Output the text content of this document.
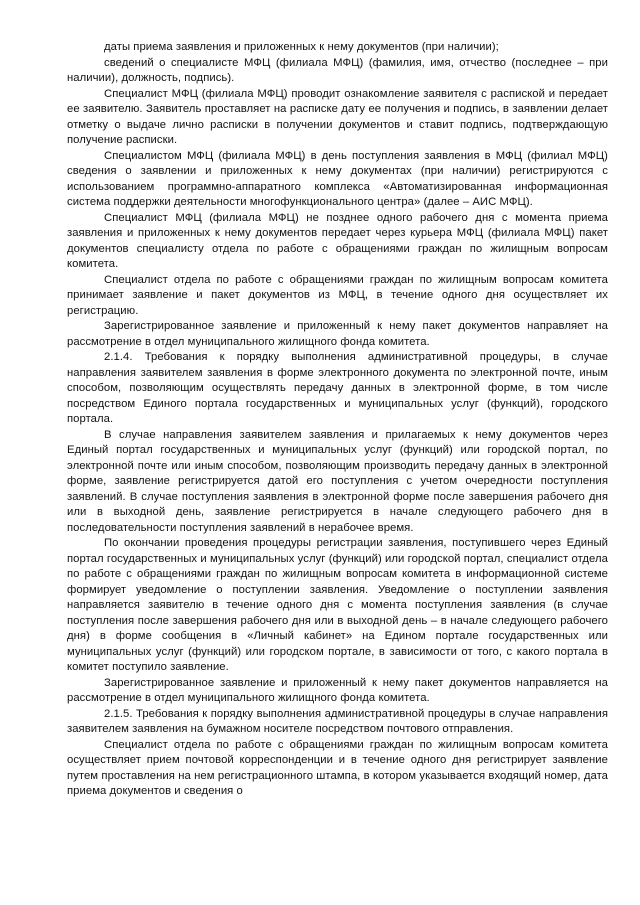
даты приема заявления и приложенных к нему документов (при наличии);

сведений о специалисте МФЦ (филиала МФЦ) (фамилия, имя, отчество (последнее – при наличии), должность, подпись).

Специалист МФЦ (филиала МФЦ) проводит ознакомление заявителя с распиской и передает ее заявителю. Заявитель проставляет на расписке дату ее получения и подпись, в заявлении делает отметку о выдаче лично расписки в получении документов и ставит подпись, подтверждающую получение расписки.

Специалистом МФЦ (филиала МФЦ) в день поступления заявления в МФЦ (филиал МФЦ) сведения о заявлении и приложенных к нему документах (при наличии) регистрируются с использованием программно-аппаратного комплекса «Автоматизированная информационная система поддержки деятельности многофункционального центра» (далее – АИС МФЦ).

Специалист МФЦ (филиала МФЦ) не позднее одного рабочего дня с момента приема заявления и приложенных к нему документов передает через курьера МФЦ (филиала МФЦ) пакет документов специалисту отдела по работе с обращениями граждан по жилищным вопросам комитета.

Специалист отдела по работе с обращениями граждан по жилищным вопросам комитета принимает заявление и пакет документов из МФЦ, в течение одного дня осуществляет их регистрацию.

Зарегистрированное заявление и приложенный к нему пакет документов направляет на рассмотрение в отдел муниципального жилищного фонда комитета.

2.1.4. Требования к порядку выполнения административной процедуры, в случае направления заявителем заявления в форме электронного документа по электронной почте, иным способом, позволяющим осуществлять передачу данных в электронной форме, в том числе посредством Единого портала государственных и муниципальных услуг (функций), городского портала.

В случае направления заявителем заявления и прилагаемых к нему документов через Единый портал государственных и муниципальных услуг (функций) или городской портал, по электронной почте или иным способом, позволяющим производить передачу данных в электронной форме, заявление регистрируется датой его поступления с учетом очередности поступления заявлений. В случае поступления заявления в электронной форме после завершения рабочего дня или в выходной день, заявление регистрируется в начале следующего рабочего дня в последовательности поступления заявлений в нерабочее время.

По окончании проведения процедуры регистрации заявления, поступившего через Единый портал государственных и муниципальных услуг (функций) или городской портал, специалист отдела по работе с обращениями граждан по жилищным вопросам комитета в информационной системе формирует уведомление о поступлении заявления. Уведомление о поступлении заявления направляется заявителю в течение одного дня с момента поступления заявления (в случае поступления после завершения рабочего дня или в выходной день – в начале следующего рабочего дня) в форме сообщения в «Личный кабинет» на Едином портале государственных или муниципальных услуг (функций) или городском портале, в зависимости от того, с какого портала в комитет поступило заявление.

Зарегистрированное заявление и приложенный к нему пакет документов направляется на рассмотрение в отдел муниципального жилищного фонда комитета.

2.1.5. Требования к порядку выполнения административной процедуры в случае направления заявителем заявления на бумажном носителе посредством почтового отправления.

Специалист отдела по работе с обращениями граждан по жилищным вопросам комитета осуществляет прием почтовой корреспонденции и в течение одного дня регистрирует заявление путем проставления на нем регистрационного штампа, в котором указывается входящий номер, дата приема документов и сведения о
